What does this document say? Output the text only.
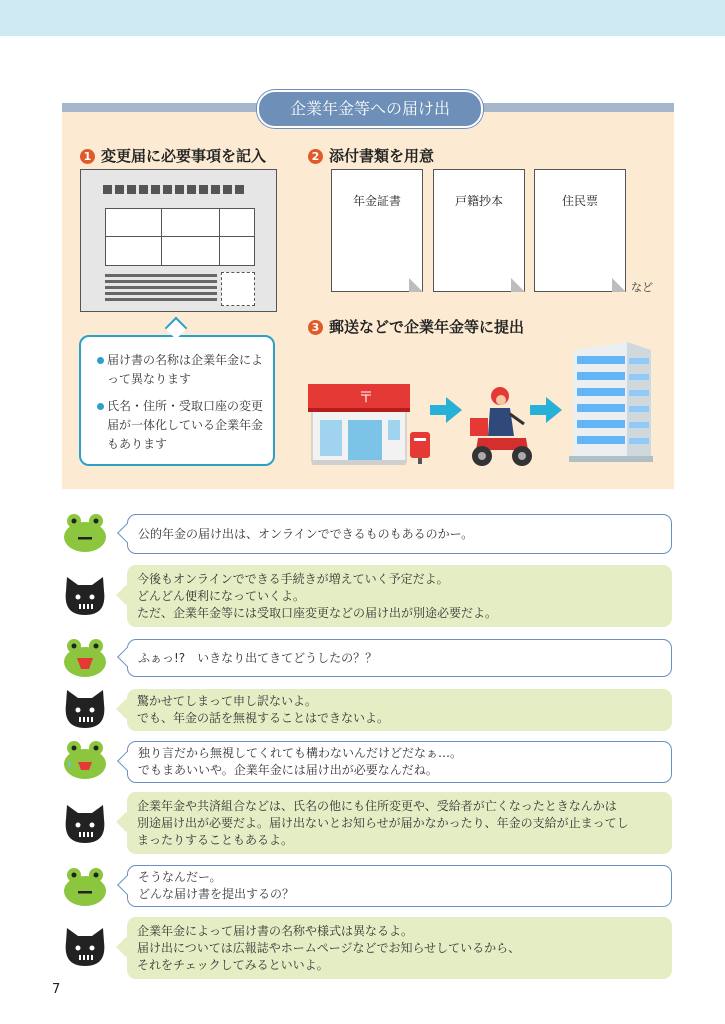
企業年金等への届け出
1 変更届に必要事項を記入	2 添付書類を用意
3 郵送などで企業年金等に提出
届け書の名称は企業年金によって異なります
氏名・住所・受取口座の変更届が一体化している企業年金もあります
年金証書	戸籍抄本	住民票
など
〒
公的年金の届け出は、オンラインでできるものもあるのかー。
今後もオンラインでできる手続きが増えていく予定だよ。
どんどん便利になっていくよ。
ただ、企業年金等には受取口座変更などの届け出が別途必要だよ。
ふぁっ!?　いきなり出てきてどうしたの？？
驚かせてしまって申し訳ないよ。
でも、年金の話を無視することはできないよ。
独り言だから無視してくれても構わないんだけどだなぁ…。
でもまあいいや。企業年金には届け出が必要なんだね。
企業年金や共済組合などは、氏名の他にも住所変更や、受給者が亡くなったときなんかは
別途届け出が必要だよ。届け出ないとお知らせが届かなかったり、年金の支給が止まってし
まったりすることもあるよ。
そうなんだー。
どんな届け書を提出するの？
企業年金によって届け書の名称や様式は異なるよ。
届け出については広報誌やホームページなどでお知らせしているから、
それをチェックしてみるといいよ。
7
